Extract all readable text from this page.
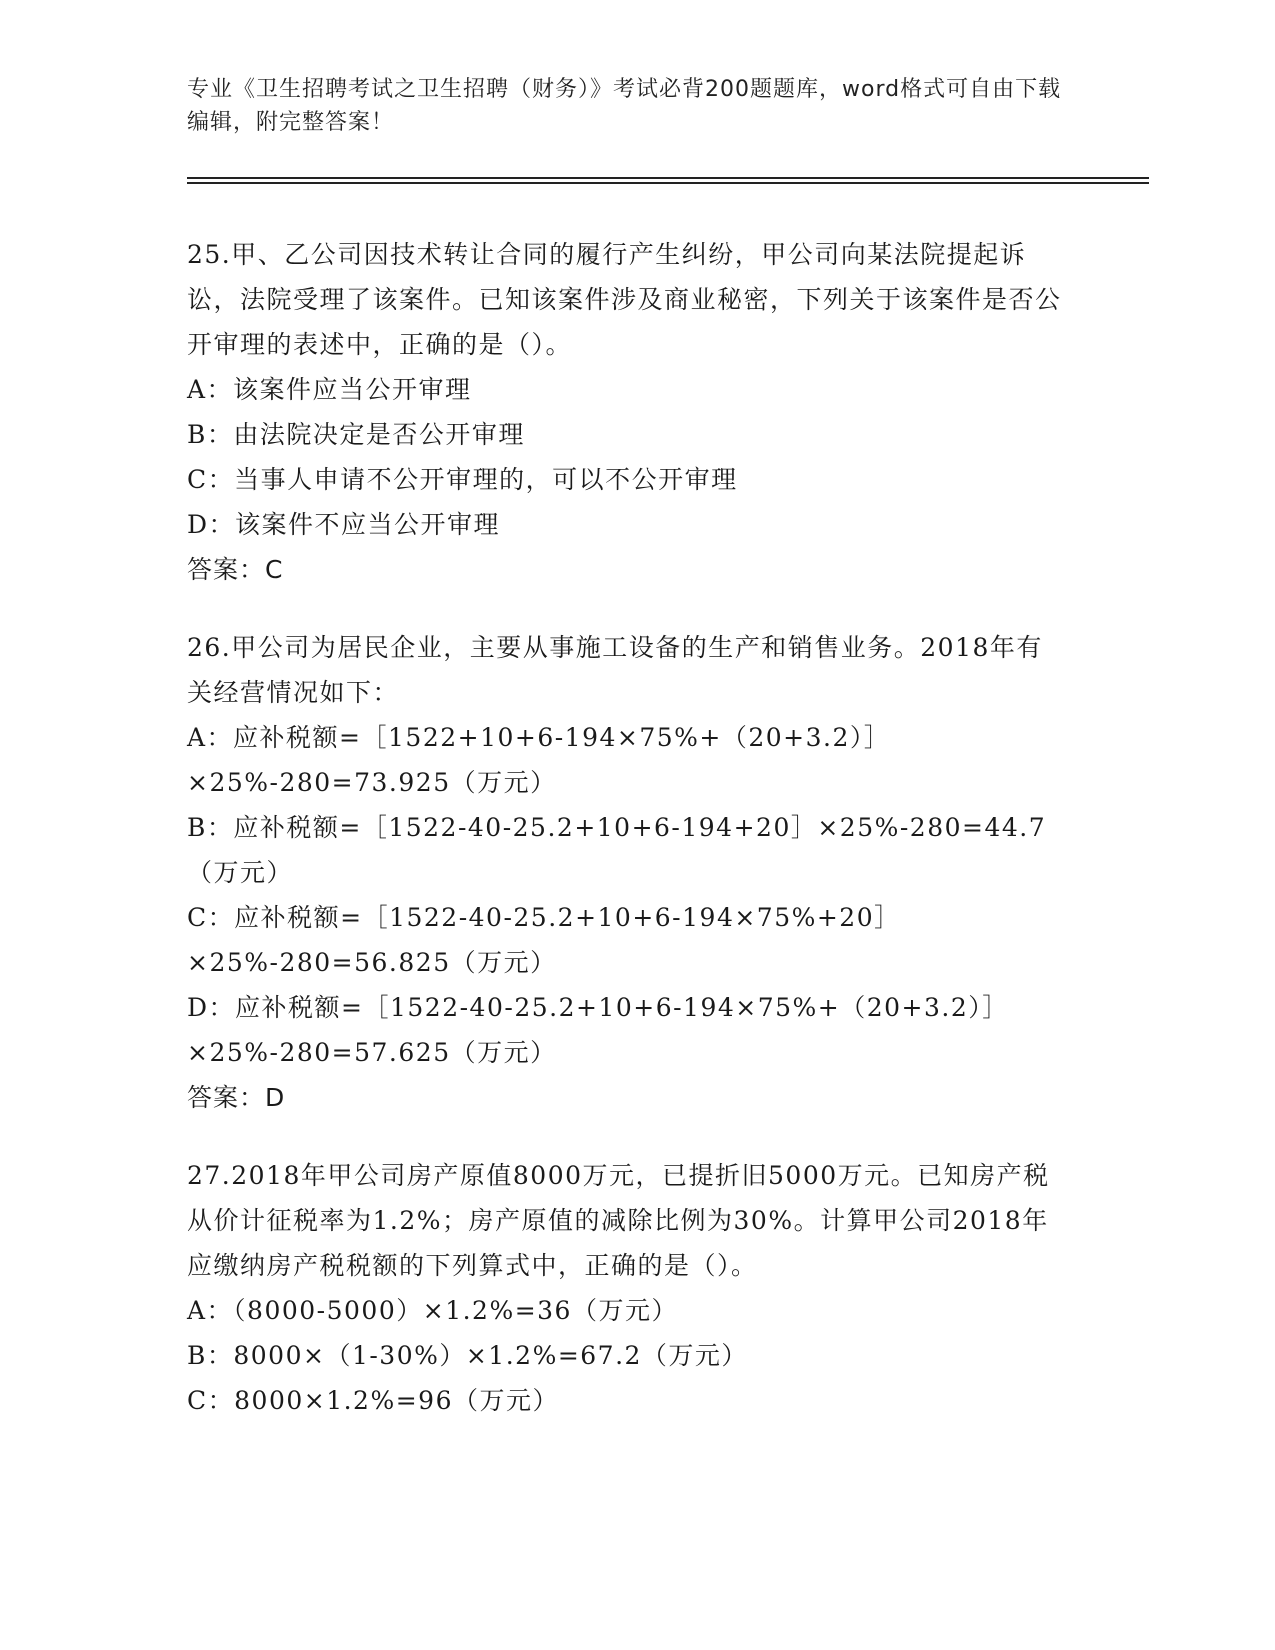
专业《卫生招聘考试之卫生招聘（财务）》考试必背200题题库，word格式可自由下载编辑，附完整答案！

25.甲、乙公司因技术转让合同的履行产生纠纷，甲公司向某法院提起诉讼，法院受理了该案件。已知该案件涉及商业秘密，下列关于该案件是否公开审理的表述中，正确的是（）。

A：该案件应当公开审理

B：由法院决定是否公开审理

C：当事人申请不公开审理的，可以不公开审理

D：该案件不应当公开审理

答案：C

26.甲公司为居民企业，主要从事施工设备的生产和销售业务。2018年有关经营情况如下：

A：应补税额=［1522+10+6-194×75%+（20+3.2）］×25%-280=73.925（万元）

B：应补税额=［1522-40-25.2+10+6-194+20］×25%-280=44.7（万元）

C：应补税额=［1522-40-25.2+10+6-194×75%+20］×25%-280=56.825（万元）

D：应补税额=［1522-40-25.2+10+6-194×75%+（20+3.2）］×25%-280=57.625（万元）

答案：D

27.2018年甲公司房产原值8000万元，已提折旧5000万元。已知房产税从价计征税率为1.2%；房产原值的减除比例为30%。计算甲公司2018年应缴纳房产税税额的下列算式中，正确的是（）。

A：（8000-5000）×1.2%=36（万元）

B：8000×（1-30%）×1.2%=67.2（万元）

C：8000×1.2%=96（万元）
